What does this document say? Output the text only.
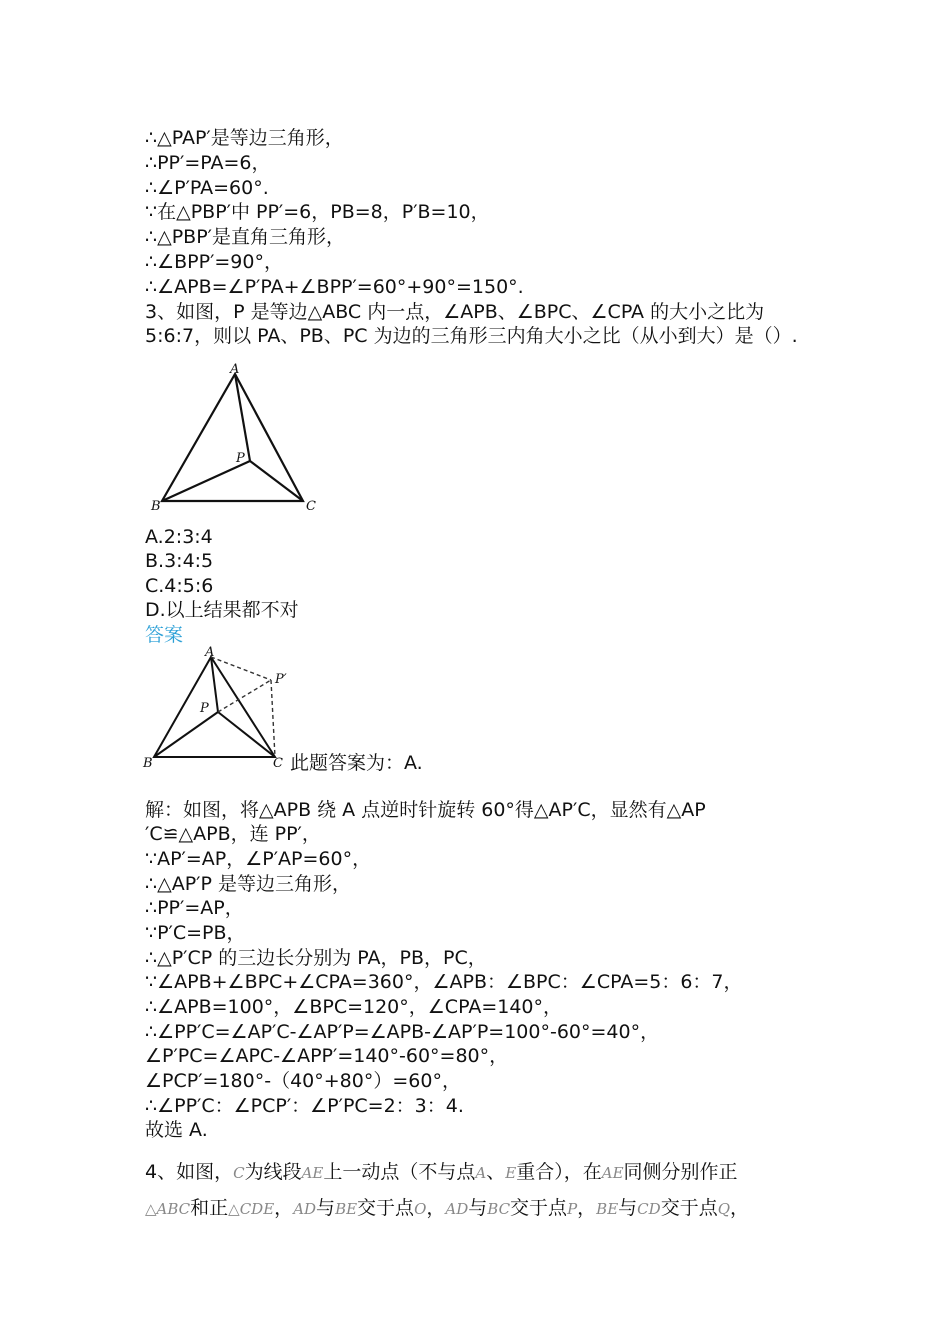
∴△PAP′是等边三角形，
∴PP′=PA=6，
∴∠P′PA=60°.
∵在△PBP′中 PP′=6，PB=8，P′B=10，
∴△PBP′是直角三角形，
∴∠BPP′=90°，
∴∠APB=∠P′PA+∠BPP′=60°+90°=150°.
3、如图，P 是等边△ABC 内一点，∠APB、∠BPC、∠CPA 的大小之比为
5:6:7，则以 PA、PB、PC 为边的三角形三内角大小之比（从小到大）是（）.
A
B	C
P
A.2:3:4
B.3:4:5
C.4:5:6
D.以上结果都不对
答案
A
B	C
P
P′
此题答案为：A.
解：如图，将△APB 绕 A 点逆时针旋转 60°得△AP′C，显然有△AP
′C≌△APB，连 PP′，
∵AP′=AP，∠P′AP=60°，
∴△AP′P 是等边三角形，
∴PP′=AP，
∵P′C=PB，
∴△P′CP 的三边长分别为 PA，PB，PC，
∵∠APB+∠BPC+∠CPA=360°，∠APB：∠BPC：∠CPA=5：6：7，
∴∠APB=100°，∠BPC=120°，∠CPA=140°，
∴∠PP′C=∠AP′C-∠AP′P=∠APB-∠AP′P=100°-60°=40°，
∠P′PC=∠APC-∠APP′=140°-60°=80°，
∠PCP′=180°-（40°+80°）=60°，
∴∠PP′C：∠PCP′：∠P′PC=2：3：4.
故选 A.
4、如图，C为线段AE上一动点（不与点A、E重合），在AE同侧分别作正
△ABC和正△CDE，AD与BE交于点O，AD与BC交于点P，BE与CD交于点Q，
